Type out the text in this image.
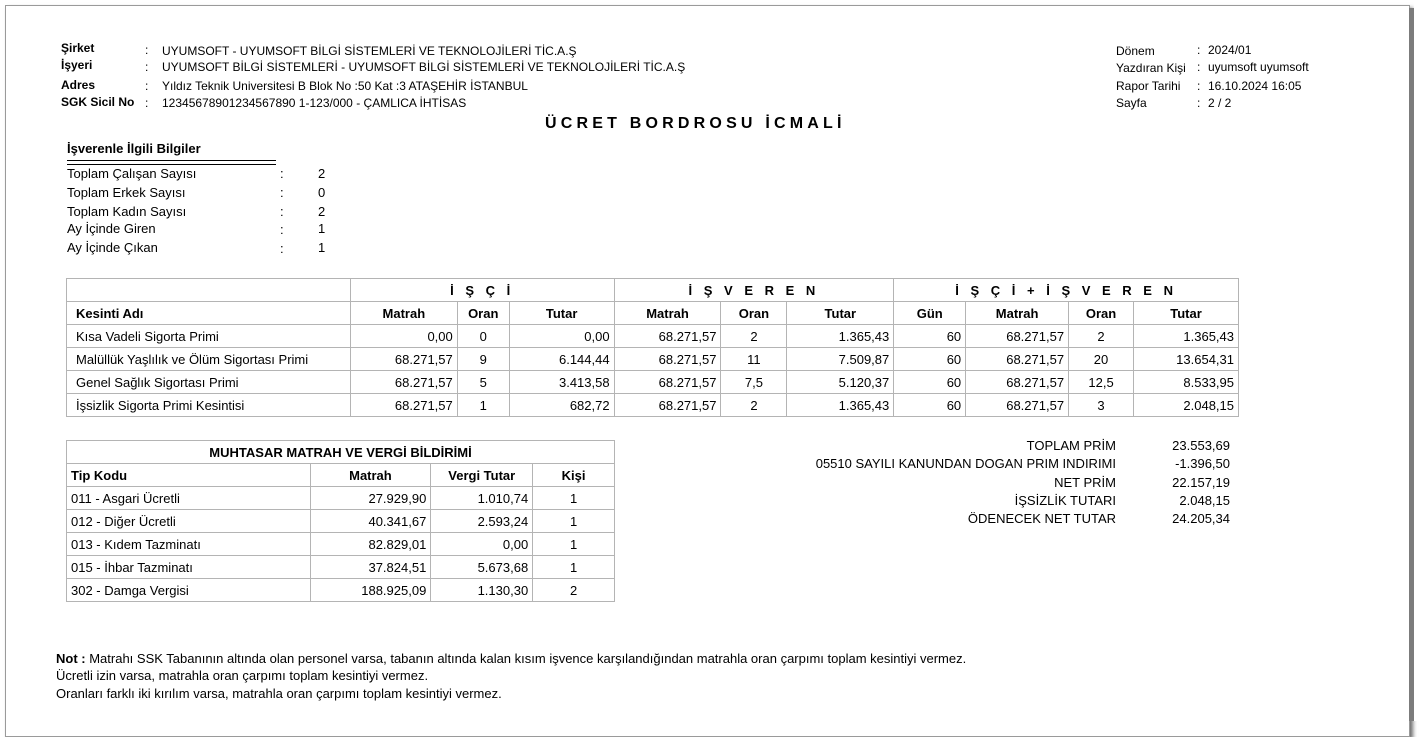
Şirket	: UYUMSOFT - UYUMSOFT BİLGİ SİSTEMLERİ VE TEKNOLOJİLERİ TİC.A.Ş
İşyeri	: UYUMSOFT BİLGİ SİSTEMLERİ - UYUMSOFT BİLGİ SİSTEMLERİ VE TEKNOLOJİLERİ TİC.A.Ş
Adres	: Yıldız Teknik Universitesi B Blok No :50 Kat :3 ATAŞEHİR İSTANBUL
SGK Sicil No : 12345678901234567890 1-123/000 - ÇAMLICA İHTİSAS
Dönem	: 2024/01
Yazdıran Kişi : uyumsoft uyumsoft
Rapor Tarihi : 16.10.2024 16:05
Sayfa	: 2 / 2
ÜCRET BORDROSU İCMALİ
İşverenle İlgili Bilgiler
Toplam Çalışan Sayısı	:	2
Toplam Erkek Sayısı	:	0
Toplam Kadın Sayısı	:	2
Ay İçinde Giren	:	1
Ay İçinde Çıkan	:	1
	İ Ş Ç İ			İ Ş V E R E N			İ Ş Ç İ + İ Ş V E R E N			
Kesinti Adı	Matrah	Oran	Tutar	Matrah	Oran	Tutar	Gün	Matrah	Oran	Tutar
Kısa Vadeli Sigorta Primi	0,00	0	0,00	68.271,57	2	1.365,43	60	68.271,57	2	1.365,43
Malüllük Yaşlılık ve Ölüm Sigortası Primi	68.271,57	9	6.144,44	68.271,57	11	7.509,87	60	68.271,57	20	13.654,31
Genel Sağlık Sigortası Primi	68.271,57	5	3.413,58	68.271,57	7,5	5.120,37	60	68.271,57	12,5	8.533,95
İşsizlik Sigorta Primi Kesintisi	68.271,57	1	682,72	68.271,57	2	1.365,43	60	68.271,57	3	2.048,15
MUHTASAR MATRAH VE VERGİ BİLDİRİMİ			
Tip Kodu	Matrah	Vergi Tutar	Kişi
011 - Asgari Ücretli	27.929,90	1.010,74	1
012 - Diğer Ücretli	40.341,67	2.593,24	1
013 - Kıdem Tazminatı	82.829,01	0,00	1
015 - İhbar Tazminatı	37.824,51	5.673,68	1
302 - Damga Vergisi	188.925,09	1.130,30	2
TOPLAM PRİM	23.553,69
05510 SAYILI KANUNDAN DOGAN PRIM INDIRIMI	-1.396,50
NET PRİM	22.157,19
İŞSİZLİK TUTARI	2.048,15
ÖDENECEK NET TUTAR	24.205,34
Not : Matrahı SSK Tabanının altında olan personel varsa, tabanın altında kalan kısım işvence karşılandığından matrahla oran çarpımı toplam kesintiyi vermez.
Ücretli izin varsa, matrahla oran çarpımı toplam kesintiyi vermez.
Oranları farklı iki kırılım varsa, matrahla oran çarpımı toplam kesintiyi vermez.
